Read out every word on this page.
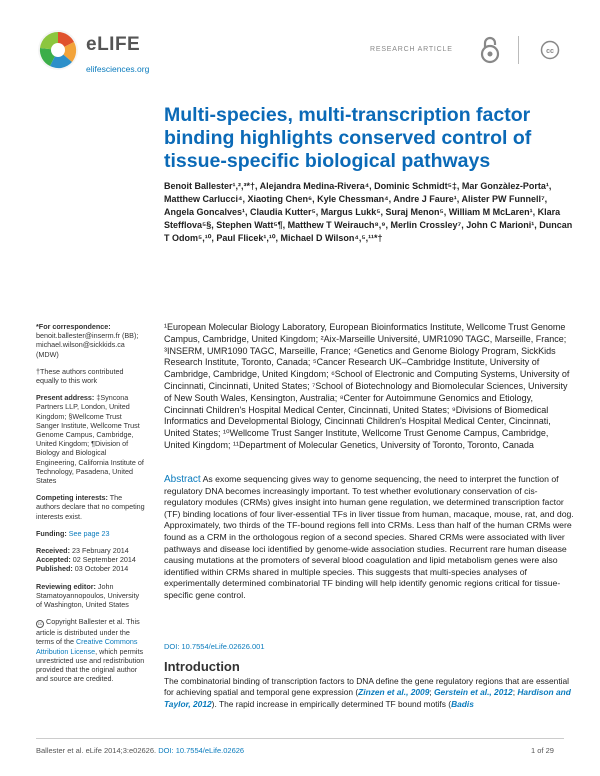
eLIFE
elifesciences.org
RESEARCH ARTICLE	cc
Multi-species, multi-transcription factor binding highlights conserved control of tissue-specific biological pathways
Benoit Ballester¹,²,³*†, Alejandra Medina-Rivera⁴, Dominic Schmidt⁵‡, Mar Gonzàlez-Porta¹, Matthew Carlucci⁴, Xiaoting Chen⁶, Kyle Chessman⁴, Andre J Faure¹, Alister PW Funnell⁷, Angela Goncalves¹, Claudia Kutter⁵, Margus Lukk⁵, Suraj Menon⁵, William M McLaren¹, Klara Stefflova⁵§, Stephen Watt⁵¶, Matthew T Weirauch⁸,⁹, Merlin Crossley⁷, John C Marioni¹, Duncan T Odom⁵,¹⁰, Paul Flicek¹,¹⁰, Michael D Wilson⁴,⁵,¹¹*†
¹European Molecular Biology Laboratory, European Bioinformatics Institute, Wellcome Trust Genome Campus, Cambridge, United Kingdom; ²Aix-Marseille Université, UMR1090 TAGC, Marseille, France; ³INSERM, UMR1090 TAGC, Marseille, France; ⁴Genetics and Genome Biology Program, SickKids Research Institute, Toronto, Canada; ⁵Cancer Research UK–Cambridge Institute, University of Cambridge, Cambridge, United Kingdom; ⁶School of Electronic and Computing Systems, University of Cincinnati, Cincinnati, United States; ⁷School of Biotechnology and Biomolecular Sciences, University of New South Wales, Kensington, Australia; ⁸Center for Autoimmune Genomics and Etiology, Cincinnati Children's Hospital Medical Center, Cincinnati, United States; ⁹Divisions of Biomedical Informatics and Developmental Biology, Cincinnati Children's Hospital Medical Center, Cincinnati, United States; ¹⁰Wellcome Trust Sanger Institute, Wellcome Trust Genome Campus, Cambridge, United Kingdom; ¹¹Department of Molecular Genetics, University of Toronto, Toronto, Canada
*For correspondence: benoit.ballester@inserm.fr (BB); michael.wilson@sickkids.ca (MDW)
†These authors contributed equally to this work
Present address: ‡Syncona Partners LLP, London, United Kingdom; §Wellcome Trust Sanger Institute, Wellcome Trust Genome Campus, Cambridge, United Kingdom; ¶Division of Biology and Biological Engineering, California Institute of Technology, Pasadena, United States
Competing interests: The authors declare that no competing interests exist.
Funding: See page 23
Received: 23 February 2014
Accepted: 02 September 2014
Published: 03 October 2014
Reviewing editor: John Stamatoyannopoulos, University of Washington, United States
cc Copyright Ballester et al. This article is distributed under the terms of the Creative Commons Attribution License, which permits unrestricted use and redistribution provided that the original author and source are credited.
Abstract As exome sequencing gives way to genome sequencing, the need to interpret the function of regulatory DNA becomes increasingly important. To test whether evolutionary conservation of cis-regulatory modules (CRMs) gives insight into human gene regulation, we determined transcription factor (TF) binding locations of four liver-essential TFs in liver tissue from human, macaque, mouse, rat, and dog. Approximately, two thirds of the TF-bound regions fell into CRMs. Less than half of the human CRMs were found as a CRM in the orthologous region of a second species. Shared CRMs were associated with liver pathways and disease loci identified by genome-wide association studies. Recurrent rare human disease causing mutations at the promoters of several blood coagulation and lipid metabolism genes were also identified within CRMs shared in multiple species. This suggests that multi-species analyses of experimentally determined combinatorial TF binding will help identify genomic regions critical for tissue-specific gene control.
DOI: 10.7554/eLife.02626.001
Introduction
The combinatorial binding of transcription factors to DNA define the gene regulatory regions that are essential for achieving spatial and temporal gene expression (Zinzen et al., 2009; Gerstein et al., 2012; Hardison and Taylor, 2012). The rapid increase in empirically determined TF bound motifs (Badis
Ballester et al. eLife 2014;3:e02626. DOI: 10.7554/eLife.02626	1 of 29
